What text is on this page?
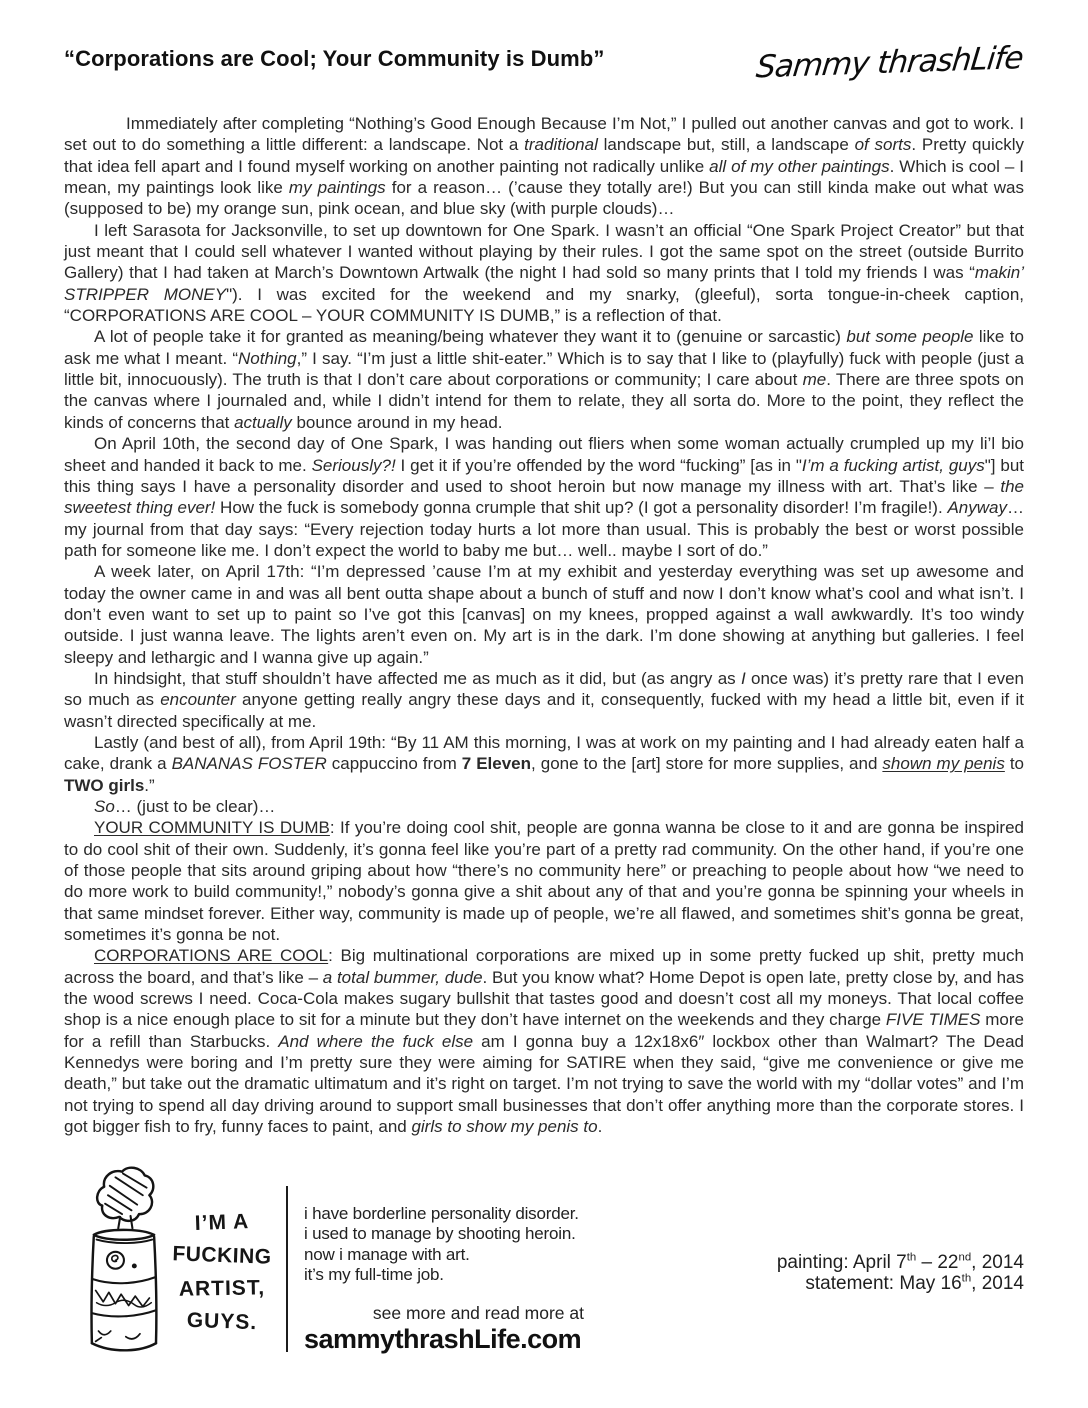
“Corporations are Cool; Your Community is Dumb”	Sammy thrashLife

Immediately after completing “Nothing’s Good Enough Because I’m Not,” I pulled out another canvas and got to work. I set out to do something a little different: a landscape. Not a traditional landscape but, still, a landscape of sorts. Pretty quickly that idea fell apart and I found myself working on another painting not radically unlike all of my other paintings. Which is cool – I mean, my paintings look like my paintings for a reason… (’cause they totally are!) But you can still kinda make out what was (supposed to be) my orange sun, pink ocean, and blue sky (with purple clouds)…

I left Sarasota for Jacksonville, to set up downtown for One Spark. I wasn’t an official “One Spark Project Creator” but that just meant that I could sell whatever I wanted without playing by their rules. I got the same spot on the street (outside Burrito Gallery) that I had taken at March’s Downtown Artwalk (the night I had sold so many prints that I told my friends I was “makin’ STRIPPER MONEY"). I was excited for the weekend and my snarky, (gleeful), sorta tongue-in-cheek caption, “CORPORATIONS ARE COOL – YOUR COMMUNITY IS DUMB,” is a reflection of that.

A lot of people take it for granted as meaning/being whatever they want it to (genuine or sarcastic) but some people like to ask me what I meant. “Nothing,” I say. “I’m just a little shit-eater.” Which is to say that I like to (playfully) fuck with people (just a little bit, innocuously). The truth is that I don’t care about corporations or community; I care about me. There are three spots on the canvas where I journaled and, while I didn’t intend for them to relate, they all sorta do. More to the point, they reflect the kinds of concerns that actually bounce around in my head.

On April 10th, the second day of One Spark, I was handing out fliers when some woman actually crumpled up my li’l bio sheet and handed it back to me. Seriously?! I get it if you’re offended by the word “fucking” [as in "I’m a fucking artist, guys"] but this thing says I have a personality disorder and used to shoot heroin but now manage my illness with art. That’s like – the sweetest thing ever! How the fuck is somebody gonna crumple that shit up? (I got a personality disorder! I’m fragile!). Anyway… my journal from that day says: “Every rejection today hurts a lot more than usual. This is probably the best or worst possible path for someone like me. I don’t expect the world to baby me but… well.. maybe I sort of do.”

A week later, on April 17th: “I’m depressed ’cause I’m at my exhibit and yesterday everything was set up awesome and today the owner came in and was all bent outta shape about a bunch of stuff and now I don’t know what’s cool and what isn’t. I don’t even want to set up to paint so I’ve got this [canvas] on my knees, propped against a wall awkwardly. It’s too windy outside. I just wanna leave. The lights aren’t even on. My art is in the dark. I’m done showing at anything but galleries. I feel sleepy and lethargic and I wanna give up again.”

In hindsight, that stuff shouldn’t have affected me as much as it did, but (as angry as I once was) it’s pretty rare that I even so much as encounter anyone getting really angry these days and it, consequently, fucked with my head a little bit, even if it wasn’t directed specifically at me.

Lastly (and best of all), from April 19th: “By 11 AM this morning, I was at work on my painting and I had already eaten half a cake, drank a BANANAS FOSTER cappuccino from 7 Eleven, gone to the [art] store for more supplies, and shown my penis to TWO girls.”

So… (just to be clear)…

YOUR COMMUNITY IS DUMB: If you’re doing cool shit, people are gonna wanna be close to it and are gonna be inspired to do cool shit of their own. Suddenly, it’s gonna feel like you’re part of a pretty rad community. On the other hand, if you’re one of those people that sits around griping about how “there’s no community here” or preaching to people about how “we need to do more work to build community!,” nobody’s gonna give a shit about any of that and you’re gonna be spinning your wheels in that same mindset forever. Either way, community is made up of people, we’re all flawed, and sometimes shit’s gonna be great, sometimes it’s gonna be not.

CORPORATIONS ARE COOL: Big multinational corporations are mixed up in some pretty fucked up shit, pretty much across the board, and that’s like – a total bummer, dude. But you know what? Home Depot is open late, pretty close by, and has the wood screws I need. Coca-Cola makes sugary bullshit that tastes good and doesn’t cost all my moneys. That local coffee shop is a nice enough place to sit for a minute but they don’t have internet on the weekends and they charge FIVE TIMES more for a refill than Starbucks. And where the fuck else am I gonna buy a 12x18x6″ lockbox other than Walmart? The Dead Kennedys were boring and I’m pretty sure they were aiming for SATIRE when they said, “give me convenience or give me death,” but take out the dramatic ultimatum and it’s right on target. I’m not trying to save the world with my “dollar votes” and I’m not trying to spend all day driving around to support small businesses that don’t offer anything more than the corporate stores. I got bigger fish to fry, funny faces to paint, and girls to show my penis to.

I’M A
FUCKING
ARTIST,
GUYS.
i have borderline personality disorder.
i used to manage by shooting heroin.
now i manage with art.
it’s my full-time job.
see more and read more at
sammythrashLife.com
painting: April 7th – 22nd, 2014
statement: May 16th, 2014
